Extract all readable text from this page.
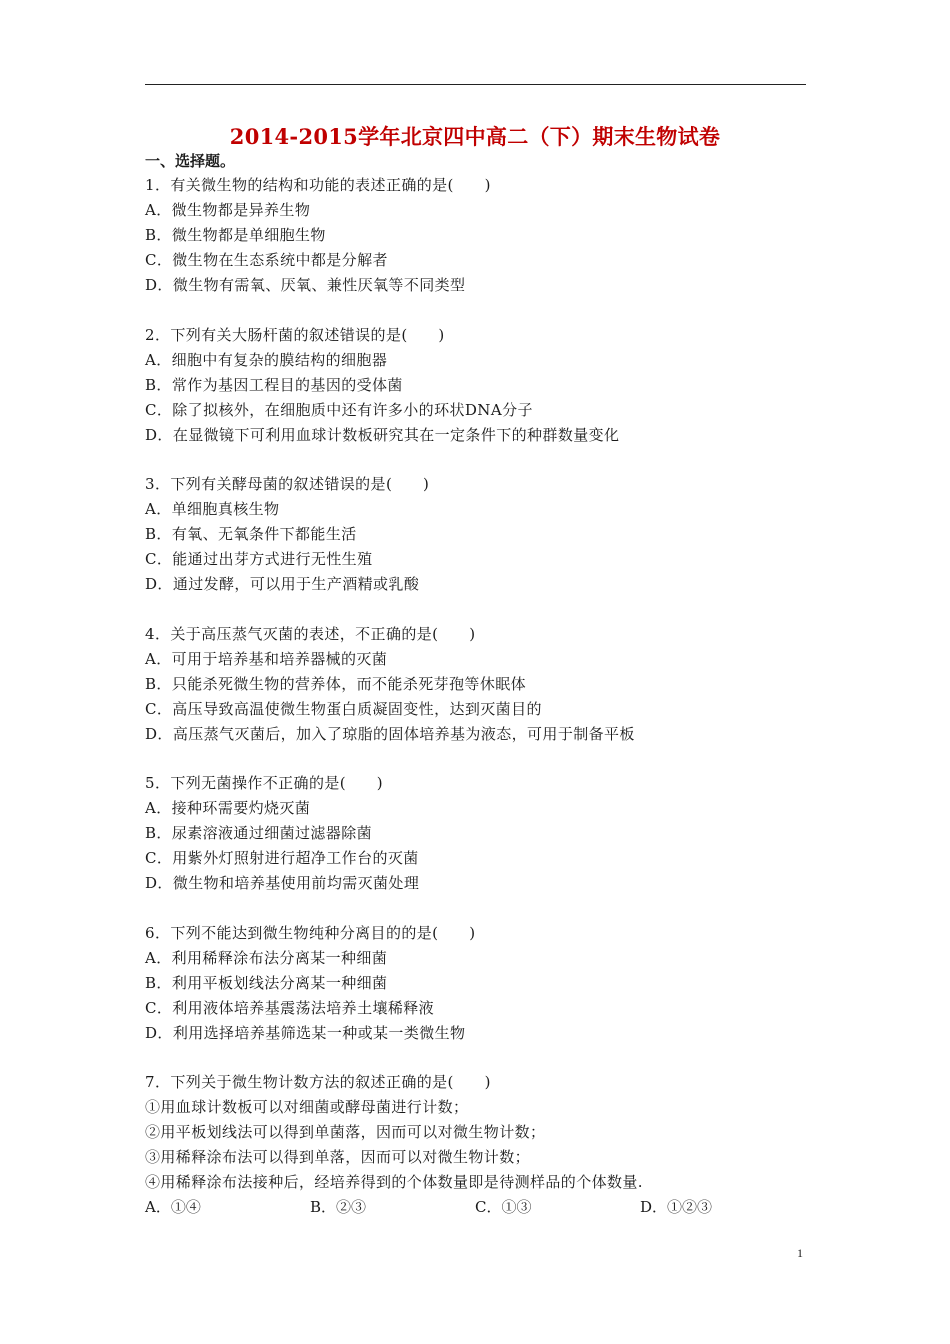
2014-2015学年北京四中高二（下）期末生物试卷
一、选择题。
1．有关微生物的结构和功能的表述正确的是(　　)
A．微生物都是异养生物
B．微生物都是单细胞生物
C．微生物在生态系统中都是分解者
D．微生物有需氧、厌氧、兼性厌氧等不同类型
2．下列有关大肠杆菌的叙述错误的是(　　)
A．细胞中有复杂的膜结构的细胞器
B．常作为基因工程目的基因的受体菌
C．除了拟核外，在细胞质中还有许多小的环状DNA分子
D．在显微镜下可利用血球计数板研究其在一定条件下的种群数量变化
3．下列有关酵母菌的叙述错误的是(　　)
A．单细胞真核生物
B．有氧、无氧条件下都能生活
C．能通过出芽方式进行无性生殖
D．通过发酵，可以用于生产酒精或乳酸
4．关于高压蒸气灭菌的表述，不正确的是(　　)
A．可用于培养基和培养器械的灭菌
B．只能杀死微生物的营养体，而不能杀死芽孢等休眠体
C．高压导致高温使微生物蛋白质凝固变性，达到灭菌目的
D．高压蒸气灭菌后，加入了琼脂的固体培养基为液态，可用于制备平板
5．下列无菌操作不正确的是(　　)
A．接种环需要灼烧灭菌
B．尿素溶液通过细菌过滤器除菌
C．用紫外灯照射进行超净工作台的灭菌
D．微生物和培养基使用前均需灭菌处理
6．下列不能达到微生物纯种分离目的的是(　　)
A．利用稀释涂布法分离某一种细菌
B．利用平板划线法分离某一种细菌
C．利用液体培养基震荡法培养土壤稀释液
D．利用选择培养基筛选某一种或某一类微生物
7．下列关于微生物计数方法的叙述正确的是(　　)
①用血球计数板可以对细菌或酵母菌进行计数；
②用平板划线法可以得到单菌落，因而可以对微生物计数；
③用稀释涂布法可以得到单落，因而可以对微生物计数；
④用稀释涂布法接种后，经培养得到的个体数量即是待测样品的个体数量.
A．①④	B．②③	C．①③	D．①②③
1
